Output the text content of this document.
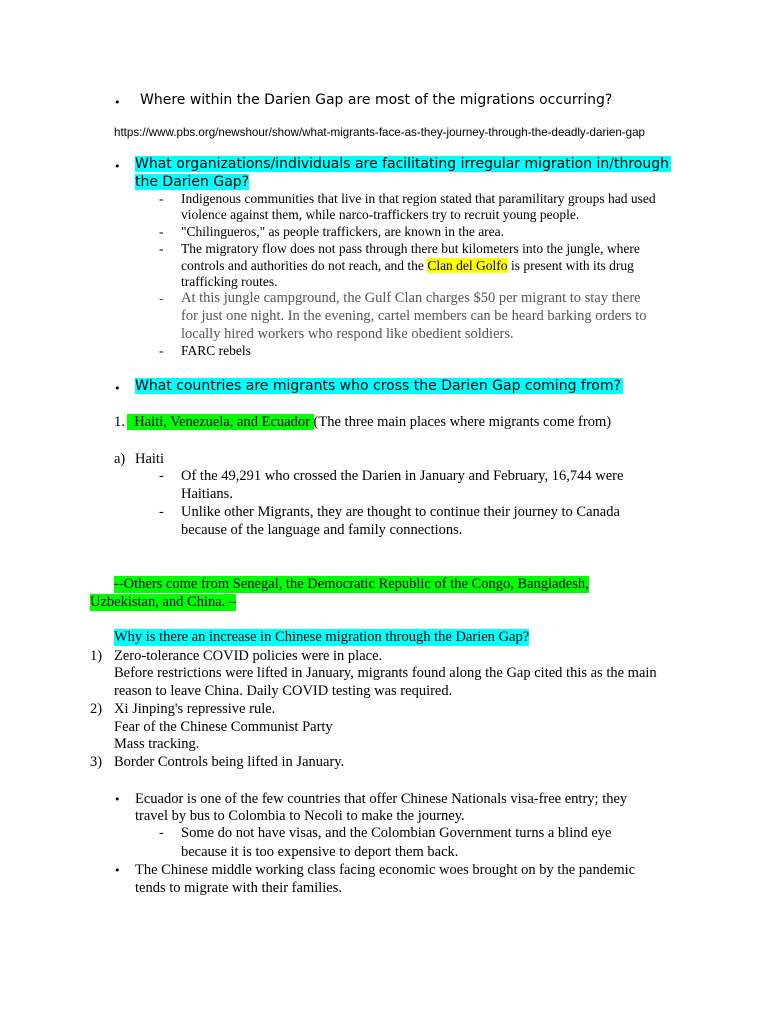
• Where within the Darien Gap are most of the migrations occurring?
https://www.pbs.org/newshour/show/what-migrants-face-as-they-journey-through-the-deadly-darien-gap
• What organizations/individuals are facilitating irregular migration in/through
the Darien Gap?
- Indigenous communities that live in that region stated that paramilitary groups had used
violence against them, while narco-traffickers try to recruit young people.
- "Chilingueros," as people traffickers, are known in the area.
- The migratory flow does not pass through there but kilometers into the jungle, where
controls and authorities do not reach, and the Clan del Golfo is present with its drug
trafficking routes.
- At this jungle campground, the Gulf Clan charges $50 per migrant to stay there
for just one night. In the evening, cartel members can be heard barking orders to
locally hired workers who respond like obedient soldiers.
- FARC rebels
• What countries are migrants who cross the Darien Gap coming from?
1. Haiti, Venezuela, and Ecuador (The three main places where migrants come from)
a) Haiti
- Of the 49,291 who crossed the Darien in January and February, 16,744 were
Haitians.
- Unlike other Migrants, they are thought to continue their journey to Canada
because of the language and family connections.
--Others come from Senegal, the Democratic Republic of the Congo, Bangladesh,
Uzbekistan, and China. –
Why is there an increase in Chinese migration through the Darien Gap?
1) Zero-tolerance COVID policies were in place.
Before restrictions were lifted in January, migrants found along the Gap cited this as the main
reason to leave China. Daily COVID testing was required.
2) Xi Jinping's repressive rule.
Fear of the Chinese Communist Party
Mass tracking.
3) Border Controls being lifted in January.
• Ecuador is one of the few countries that offer Chinese Nationals visa-free entry; they
travel by bus to Colombia to Necoli to make the journey.
- Some do not have visas, and the Colombian Government turns a blind eye
because it is too expensive to deport them back.
• The Chinese middle working class facing economic woes brought on by the pandemic
tends to migrate with their families.
